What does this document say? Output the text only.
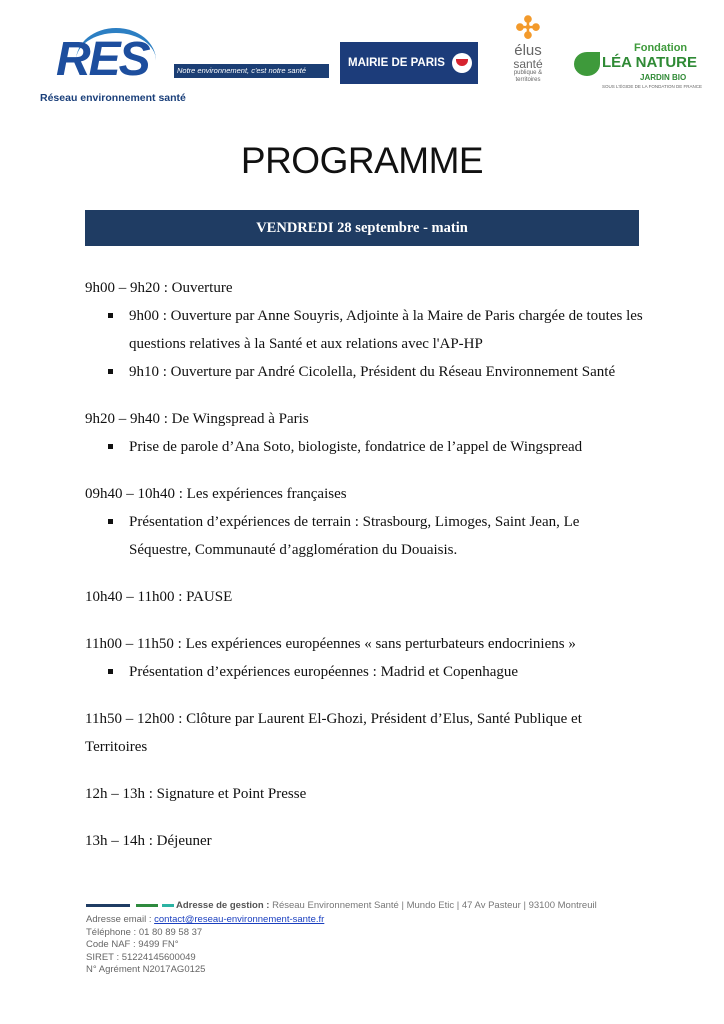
RES
Réseau environnement santé
Notre environnement, c'est notre santé
MAIRIE DE PARIS
✣
élus
santé
publique &
territoires
Fondation
LÉA NATURE
JARDIN BIO
SOUS L'ÉGIDE DE LA FONDATION DE FRANCE
PROGRAMME
VENDREDI 28 septembre - matin
9h00 – 9h20 : Ouverture
9h00 : Ouverture par Anne Souyris, Adjointe à la Maire de Paris chargée de toutes les questions relatives à la Santé et aux relations avec l'AP-HP
9h10 : Ouverture par André Cicolella, Président du Réseau Environnement Santé
9h20 – 9h40 : De Wingspread à Paris
Prise de parole d’Ana Soto, biologiste, fondatrice de l’appel de Wingspread
09h40 – 10h40 : Les expériences françaises
Présentation d’expériences de terrain : Strasbourg, Limoges, Saint Jean, Le Séquestre, Communauté d’agglomération du Douaisis.
10h40 – 11h00 : PAUSE
11h00 – 11h50 : Les expériences européennes « sans perturbateurs endocriniens »
Présentation d’expériences européennes : Madrid et Copenhague
11h50 – 12h00 : Clôture par Laurent El-Ghozi, Président d’Elus, Santé Publique et Territoires
12h – 13h : Signature et Point Presse
13h – 14h : Déjeuner
Adresse de gestion : Réseau Environnement Santé | Mundo Etic | 47 Av Pasteur | 93100 Montreuil
Adresse email : contact@reseau-environnement-sante.fr
Téléphone : 01 80 89 58 37
Code NAF : 9499 FN°
SIRET : 51224145600049
N° Agrément N2017AG0125
